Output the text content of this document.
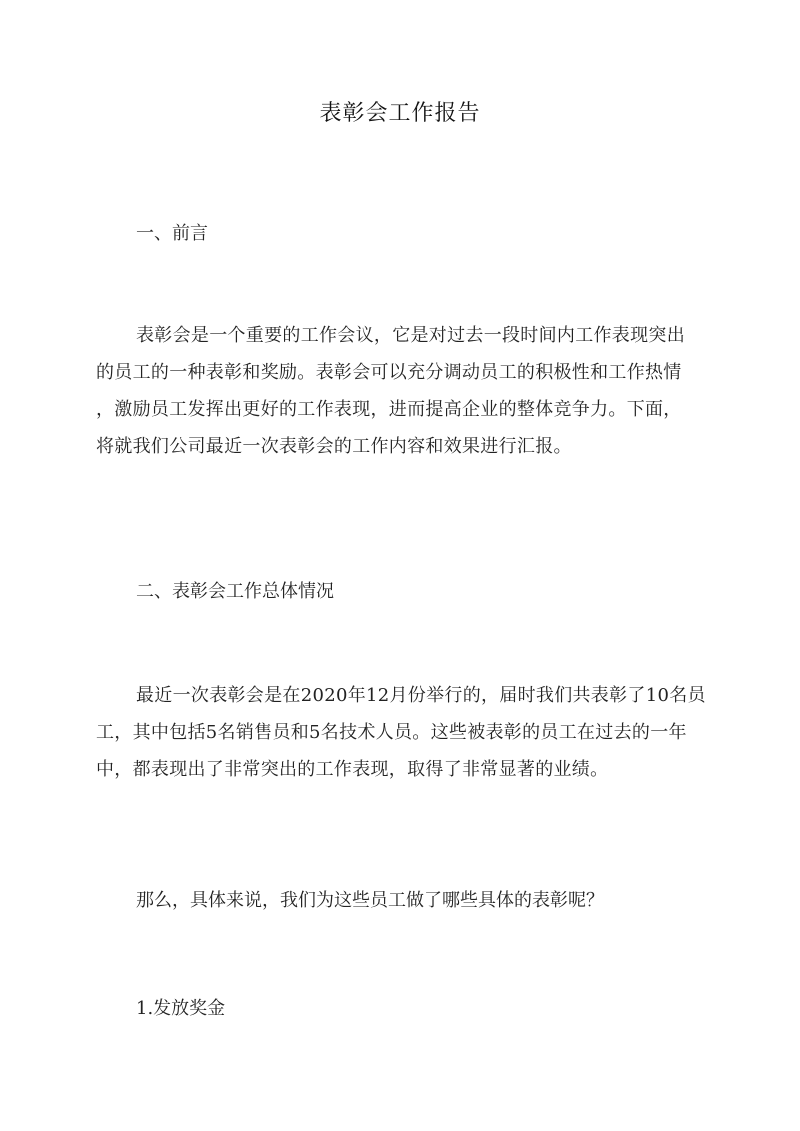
表彰会工作报告
一、前言
表彰会是一个重要的工作会议，它是对过去一段时间内工作表现突出
的员工的一种表彰和奖励。表彰会可以充分调动员工的积极性和工作热情
，激励员工发挥出更好的工作表现，进而提高企业的整体竞争力。下面，
将就我们公司最近一次表彰会的工作内容和效果进行汇报。
二、表彰会工作总体情况
最近一次表彰会是在2020年12月份举行的，届时我们共表彰了10名员
工，其中包括5名销售员和5名技术人员。这些被表彰的员工在过去的一年
中，都表现出了非常突出的工作表现，取得了非常显著的业绩。
那么，具体来说，我们为这些员工做了哪些具体的表彰呢？
1.发放奖金
